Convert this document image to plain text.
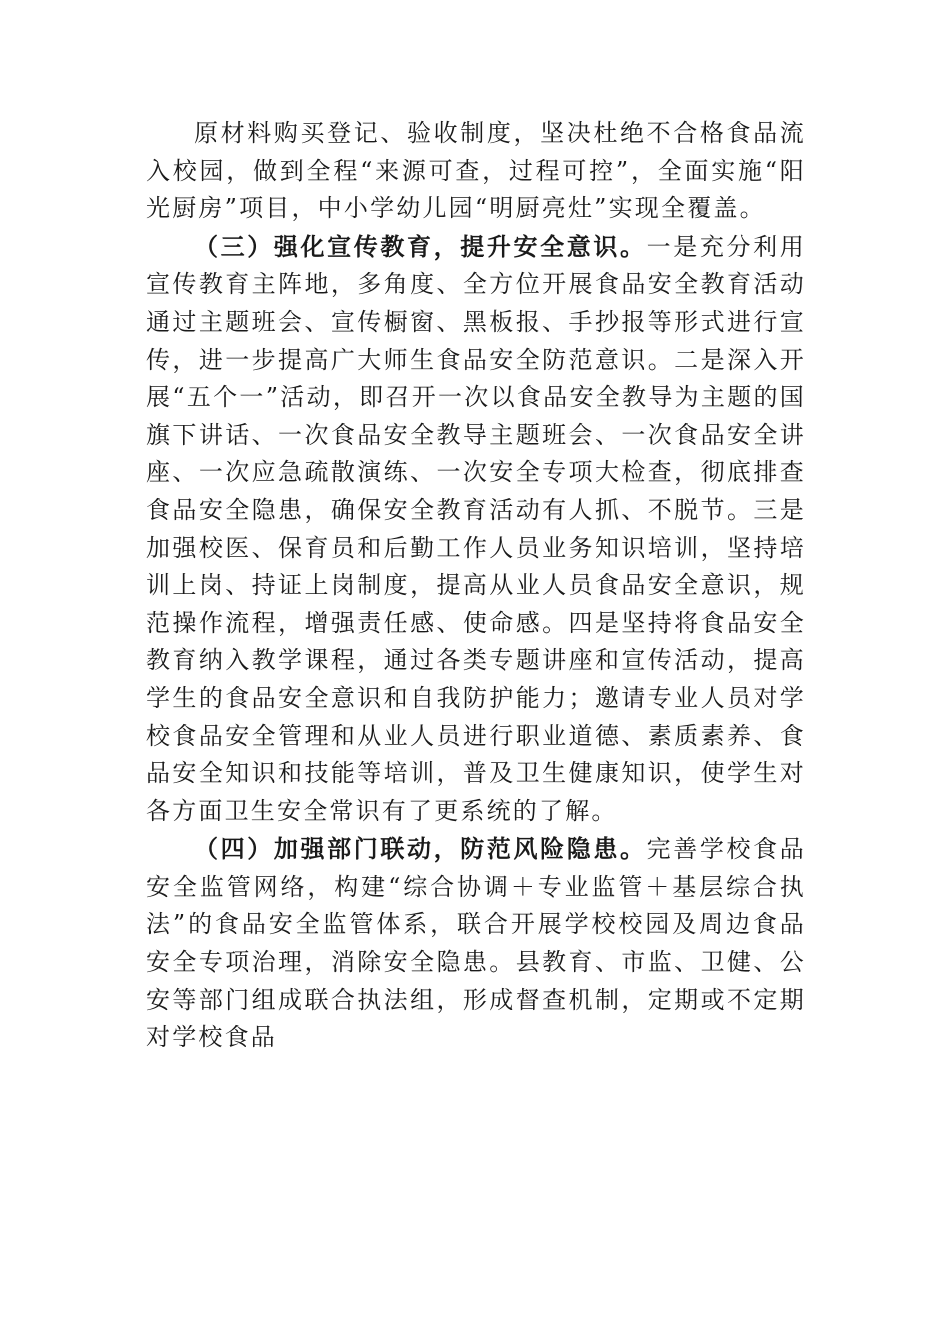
原材料购买登记、验收制度，坚决杜绝不合格食品流入校园，做到全程“来源可查，过程可控”，全面实施“阳光厨房”项目，中小学幼儿园“明厨亮灶”实现全覆盖。

（三）强化宣传教育，提升安全意识。一是充分利用宣传教育主阵地，多角度、全方位开展食品安全教育活动通过主题班会、宣传橱窗、黑板报、手抄报等形式进行宣传，进一步提高广大师生食品安全防范意识。二是深入开展“五个一”活动，即召开一次以食品安全教导为主题的国旗下讲话、一次食品安全教导主题班会、一次食品安全讲座、一次应急疏散演练、一次安全专项大检查，彻底排查食品安全隐患，确保安全教育活动有人抓、不脱节。三是加强校医、保育员和后勤工作人员业务知识培训，坚持培训上岗、持证上岗制度，提高从业人员食品安全意识，规范操作流程，增强责任感、使命感。四是坚持将食品安全教育纳入教学课程，通过各类专题讲座和宣传活动，提高学生的食品安全意识和自我防护能力；邀请专业人员对学校食品安全管理和从业人员进行职业道德、素质素养、食品安全知识和技能等培训，普及卫生健康知识，使学生对各方面卫生安全常识有了更系统的了解。

（四）加强部门联动，防范风险隐患。完善学校食品安全监管网络，构建“综合协调＋专业监管＋基层综合执法”的食品安全监管体系，联合开展学校校园及周边食品安全专项治理，消除安全隐患。县教育、市监、卫健、公安等部门组成联合执法组，形成督查机制，定期或不定期对学校食品
